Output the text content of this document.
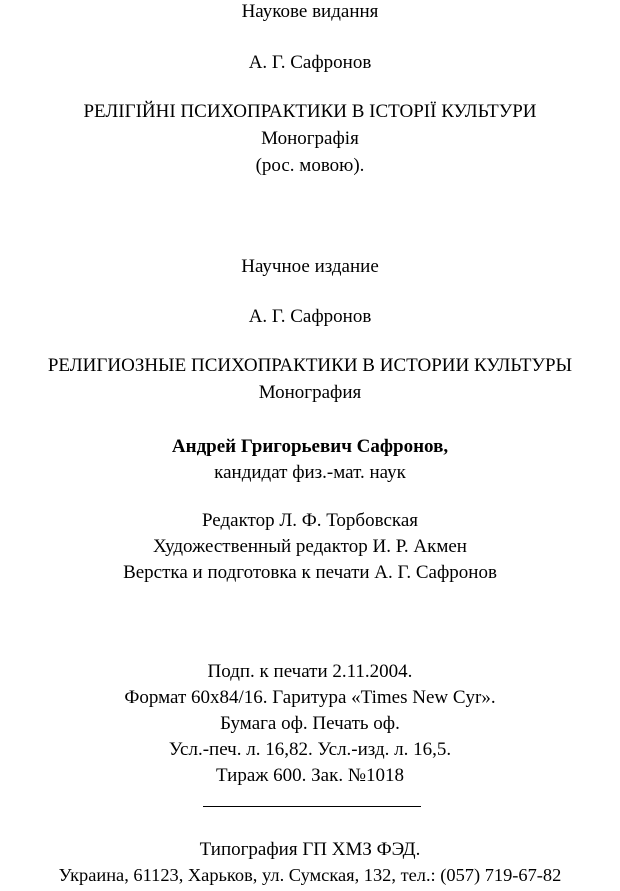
Наукове видання
А. Г. Сафронов
РЕЛІГІЙНІ ПСИХОПРАКТИКИ В ІСТОРІЇ КУЛЬТУРИ
Монографія
(рос. мовою).
Научное издание
А. Г. Сафронов
РЕЛИГИОЗНЫЕ ПСИХОПРАКТИКИ В ИСТОРИИ КУЛЬТУРЫ
Монография
Андрей Григорьевич Сафронов,
кандидат физ.-мат. наук
Редактор Л. Ф. Торбовская
Художественный редактор И. Р. Акмен
Верстка и подготовка к печати А. Г. Сафронов
Подп. к печати 2.11.2004.
Формат 60x84/16. Гаритура «Times New Cyr».
Бумага оф. Печать оф.
Усл.-печ. л. 16,82. Усл.-изд. л. 16,5.
Тираж 600. Зак. №1018
Типография ГП ХМЗ ФЭД.
Украина, 61123, Харьков, ул. Сумская, 132, тел.: (057) 719-67-82
